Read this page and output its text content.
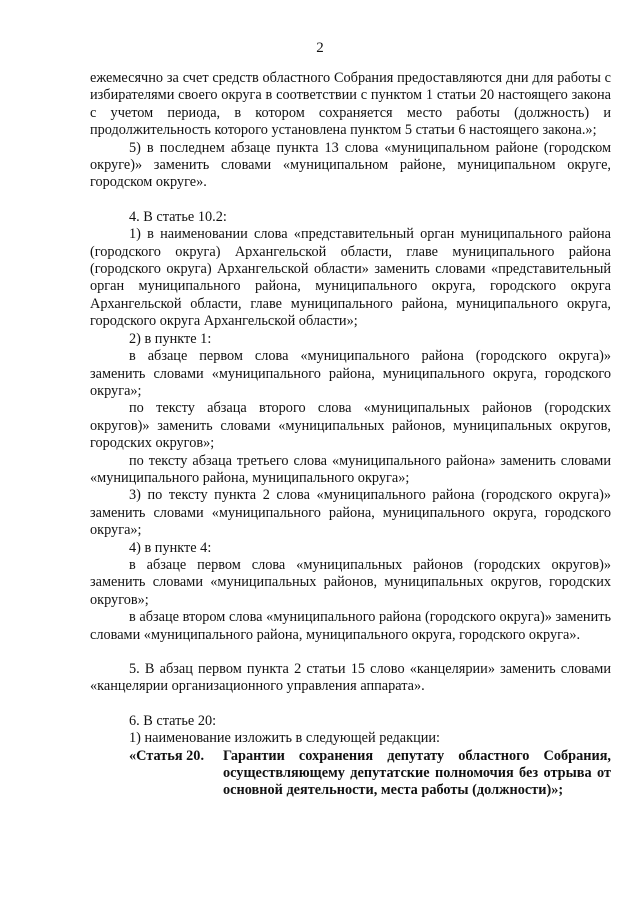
2

ежемесячно за счет средств областного Собрания предоставляются дни для работы с избирателями своего округа в соответствии с пунктом 1 статьи 20 настоящего закона с учетом периода, в котором сохраняется место работы (должность) и продолжительность которого установлена пунктом 5 статьи 6 настоящего закона.»;

5) в последнем абзаце пункта 13 слова «муниципальном районе (городском округе)» заменить словами «муниципальном районе, муниципальном округе, городском округе».

4. В статье 10.2:

1) в наименовании слова «представительный орган муниципального района (городского округа) Архангельской области, главе муниципального района (городского округа) Архангельской области» заменить словами «представительный орган муниципального района, муниципального округа, городского округа Архангельской области, главе муниципального района, муниципального округа, городского округа Архангельской области»;

2) в пункте 1:

в абзаце первом слова «муниципального района (городского округа)» заменить словами «муниципального района, муниципального округа, городского округа»;

по тексту абзаца второго слова «муниципальных районов (городских округов)» заменить словами «муниципальных районов, муниципальных округов, городских округов»;

по тексту абзаца третьего слова «муниципального района» заменить словами «муниципального района, муниципального округа»;

3) по тексту пункта 2 слова «муниципального района (городского округа)» заменить словами «муниципального района, муниципального округа, городского округа»;

4) в пункте 4:

в абзаце первом слова «муниципальных районов (городских округов)» заменить словами «муниципальных районов, муниципальных округов, городских округов»;

в абзаце втором слова «муниципального района (городского округа)» заменить словами «муниципального района, муниципального округа, городского округа».

5. В абзац первом пункта 2 статьи 15 слово «канцелярии» заменить словами «канцелярии организационного управления аппарата».

6. В статье 20:

1) наименование изложить в следующей редакции:

«Статья 20.	Гарантии сохранения депутату областного Собрания, осуществляющему депутатские полномочия без отрыва от основной деятельности, места работы (должности)»;
